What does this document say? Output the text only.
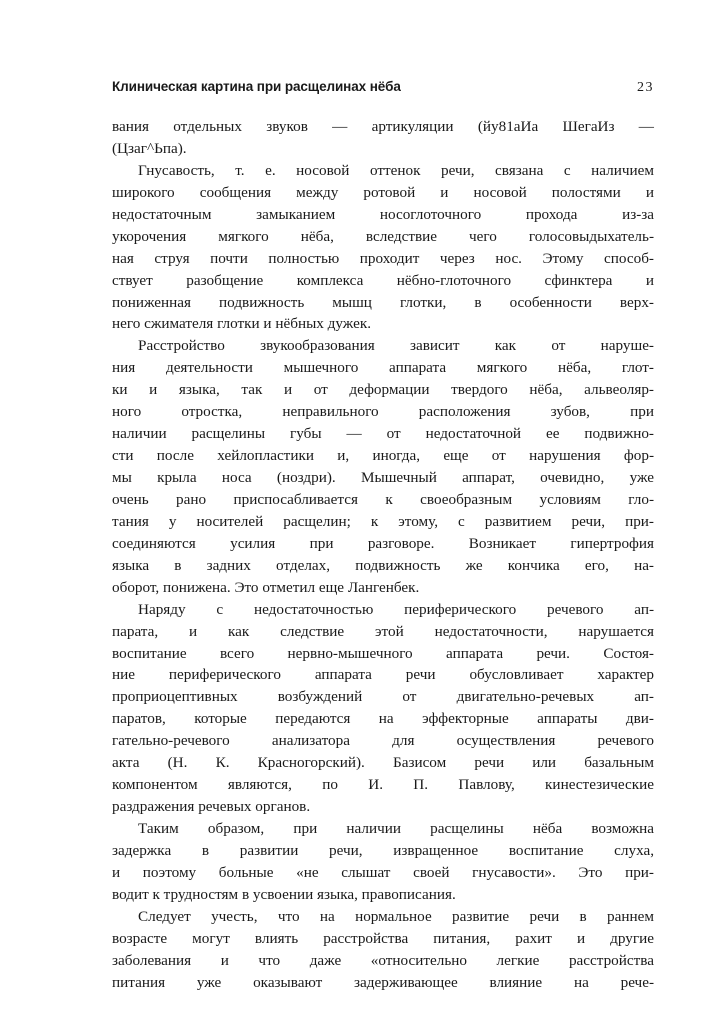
Клиническая картина при расщелинах нёба	23
вания отдельных звуков — артикуляции (йу81аИа ШегаИз —
(Цзаг^Ьпа).
Гнусавость, т. е. носовой оттенок речи, связана с наличием
широкого сообщения между ротовой и носовой полостями и
недостаточным замыканием носоглоточного прохода из-за
укорочения мягкого нёба, вследствие чего голосовыдыхатель-
ная струя почти полностью проходит через нос. Этому способ-
ствует разобщение комплекса нёбно-глоточного сфинктера и
пониженная подвижность мышц глотки, в особенности верх-
него сжимателя глотки и нёбных дужек.
Расстройство звукообразования зависит как от наруше-
ния деятельности мышечного аппарата мягкого нёба, глот-
ки и языка, так и от деформации твердого нёба, альвеоляр-
ного отростка, неправильного расположения зубов, при
наличии расщелины губы — от недостаточной ее подвижно-
сти после хейлопластики и, иногда, еще от нарушения фор-
мы крыла носа (ноздри). Мышечный аппарат, очевидно, уже
очень рано приспосабливается к своеобразным условиям гло-
тания у носителей расщелин; к этому, с развитием речи, при-
соединяются усилия при разговоре. Возникает гипертрофия
языка в задних отделах, подвижность же кончика его, на-
оборот, понижена. Это отметил еще Лангенбек.
Наряду с недостаточностью периферического речевого ап-
парата, и как следствие этой недостаточности, нарушается
воспитание всего нервно-мышечного аппарата речи. Состоя-
ние периферического аппарата речи обусловливает характер
проприоцептивных возбуждений от двигательно-речевых ап-
паратов, которые передаются на эффекторные аппараты дви-
гательно-речевого анализатора для осуществления речевого
акта (Н. К. Красногорский). Базисом речи или базальным
компонентом являются, по И. П. Павлову, кинестезические
раздражения речевых органов.
Таким образом, при наличии расщелины нёба возможна
задержка в развитии речи, извращенное воспитание слуха,
и поэтому больные «не слышат своей гнусавости». Это при-
водит к трудностям в усвоении языка, правописания.
Следует учесть, что на нормальное развитие речи в раннем
возрасте могут влиять расстройства питания, рахит и другие
заболевания и что даже «относительно легкие расстройства
питания уже оказывают задерживающее влияние на рече-
